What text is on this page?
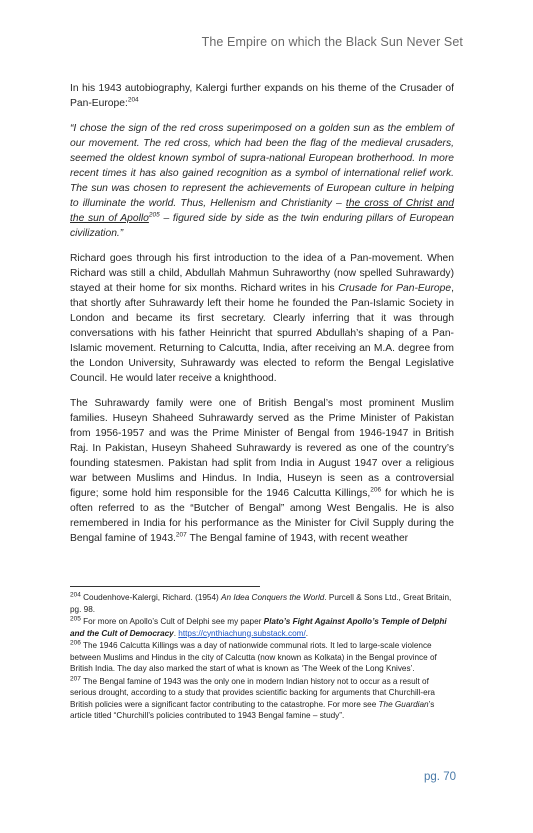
The Empire on which the Black Sun Never Set

In his 1943 autobiography, Kalergi further expands on his theme of the Crusader of Pan-Europe:$^{204}$

“I chose the sign of the red cross superimposed on a golden sun as the emblem of our movement. The red cross, which had been the flag of the medieval crusaders, seemed the oldest known symbol of supra-national European brotherhood. In more recent times it has also gained recognition as a symbol of international relief work. The sun was chosen to represent the achievements of European culture in helping to illuminate the world. Thus, Hellenism and Christianity – the cross of Christ and the sun of Apollo$^{205}$ – figured side by side as the twin enduring pillars of European civilization.”

Richard goes through his first introduction to the idea of a Pan-movement. When Richard was still a child, Abdullah Mahmun Suhraworthy (now spelled Suhrawardy) stayed at their home for six months. Richard writes in his Crusade for Pan-Europe, that shortly after Suhrawardy left their home he founded the Pan-Islamic Society in London and became its first secretary. Clearly inferring that it was through conversations with his father Heinricht that spurred Abdullah’s shaping of a Pan-Islamic movement. Returning to Calcutta, India, after receiving an M.A. degree from the London University, Suhrawardy was elected to reform the Bengal Legislative Council. He would later receive a knighthood.

The Suhrawardy family were one of British Bengal’s most prominent Muslim families. Huseyn Shaheed Suhrawardy served as the Prime Minister of Pakistan from 1956-1957 and was the Prime Minister of Bengal from 1946-1947 in British Raj. In Pakistan, Huseyn Shaheed Suhrawardy is revered as one of the country’s founding statesmen. Pakistan had split from India in August 1947 over a religious war between Muslims and Hindus. In India, Huseyn is seen as a controversial figure; some hold him responsible for the 1946 Calcutta Killings,$^{206}$ for which he is often referred to as the “Butcher of Bengal” among West Bengalis. He is also remembered in India for his performance as the Minister for Civil Supply during the Bengal famine of 1943.$^{207}$ The Bengal famine of 1943, with recent weather

$^{204}$ Coudenhove-Kalergi, Richard. (1954) An Idea Conquers the World. Purcell & Sons Ltd., Great Britain, pg. 98.
$^{205}$ For more on Apollo’s Cult of Delphi see my paper Plato’s Fight Against Apollo’s Temple of Delphi and the Cult of Democracy. https://cynthiachung.substack.com/.
$^{206}$ The 1946 Calcutta Killings was a day of nationwide communal riots. It led to large-scale violence between Muslims and Hindus in the city of Calcutta (now known as Kolkata) in the Bengal province of British India. The day also marked the start of what is known as ‘The Week of the Long Knives’.
$^{207}$ The Bengal famine of 1943 was the only one in modern Indian history not to occur as a result of serious drought, according to a study that provides scientific backing for arguments that Churchill-era British policies were a significant factor contributing to the catastrophe. For more see The Guardian’s article titled “Churchill’s policies contributed to 1943 Bengal famine – study”.
pg. 70
